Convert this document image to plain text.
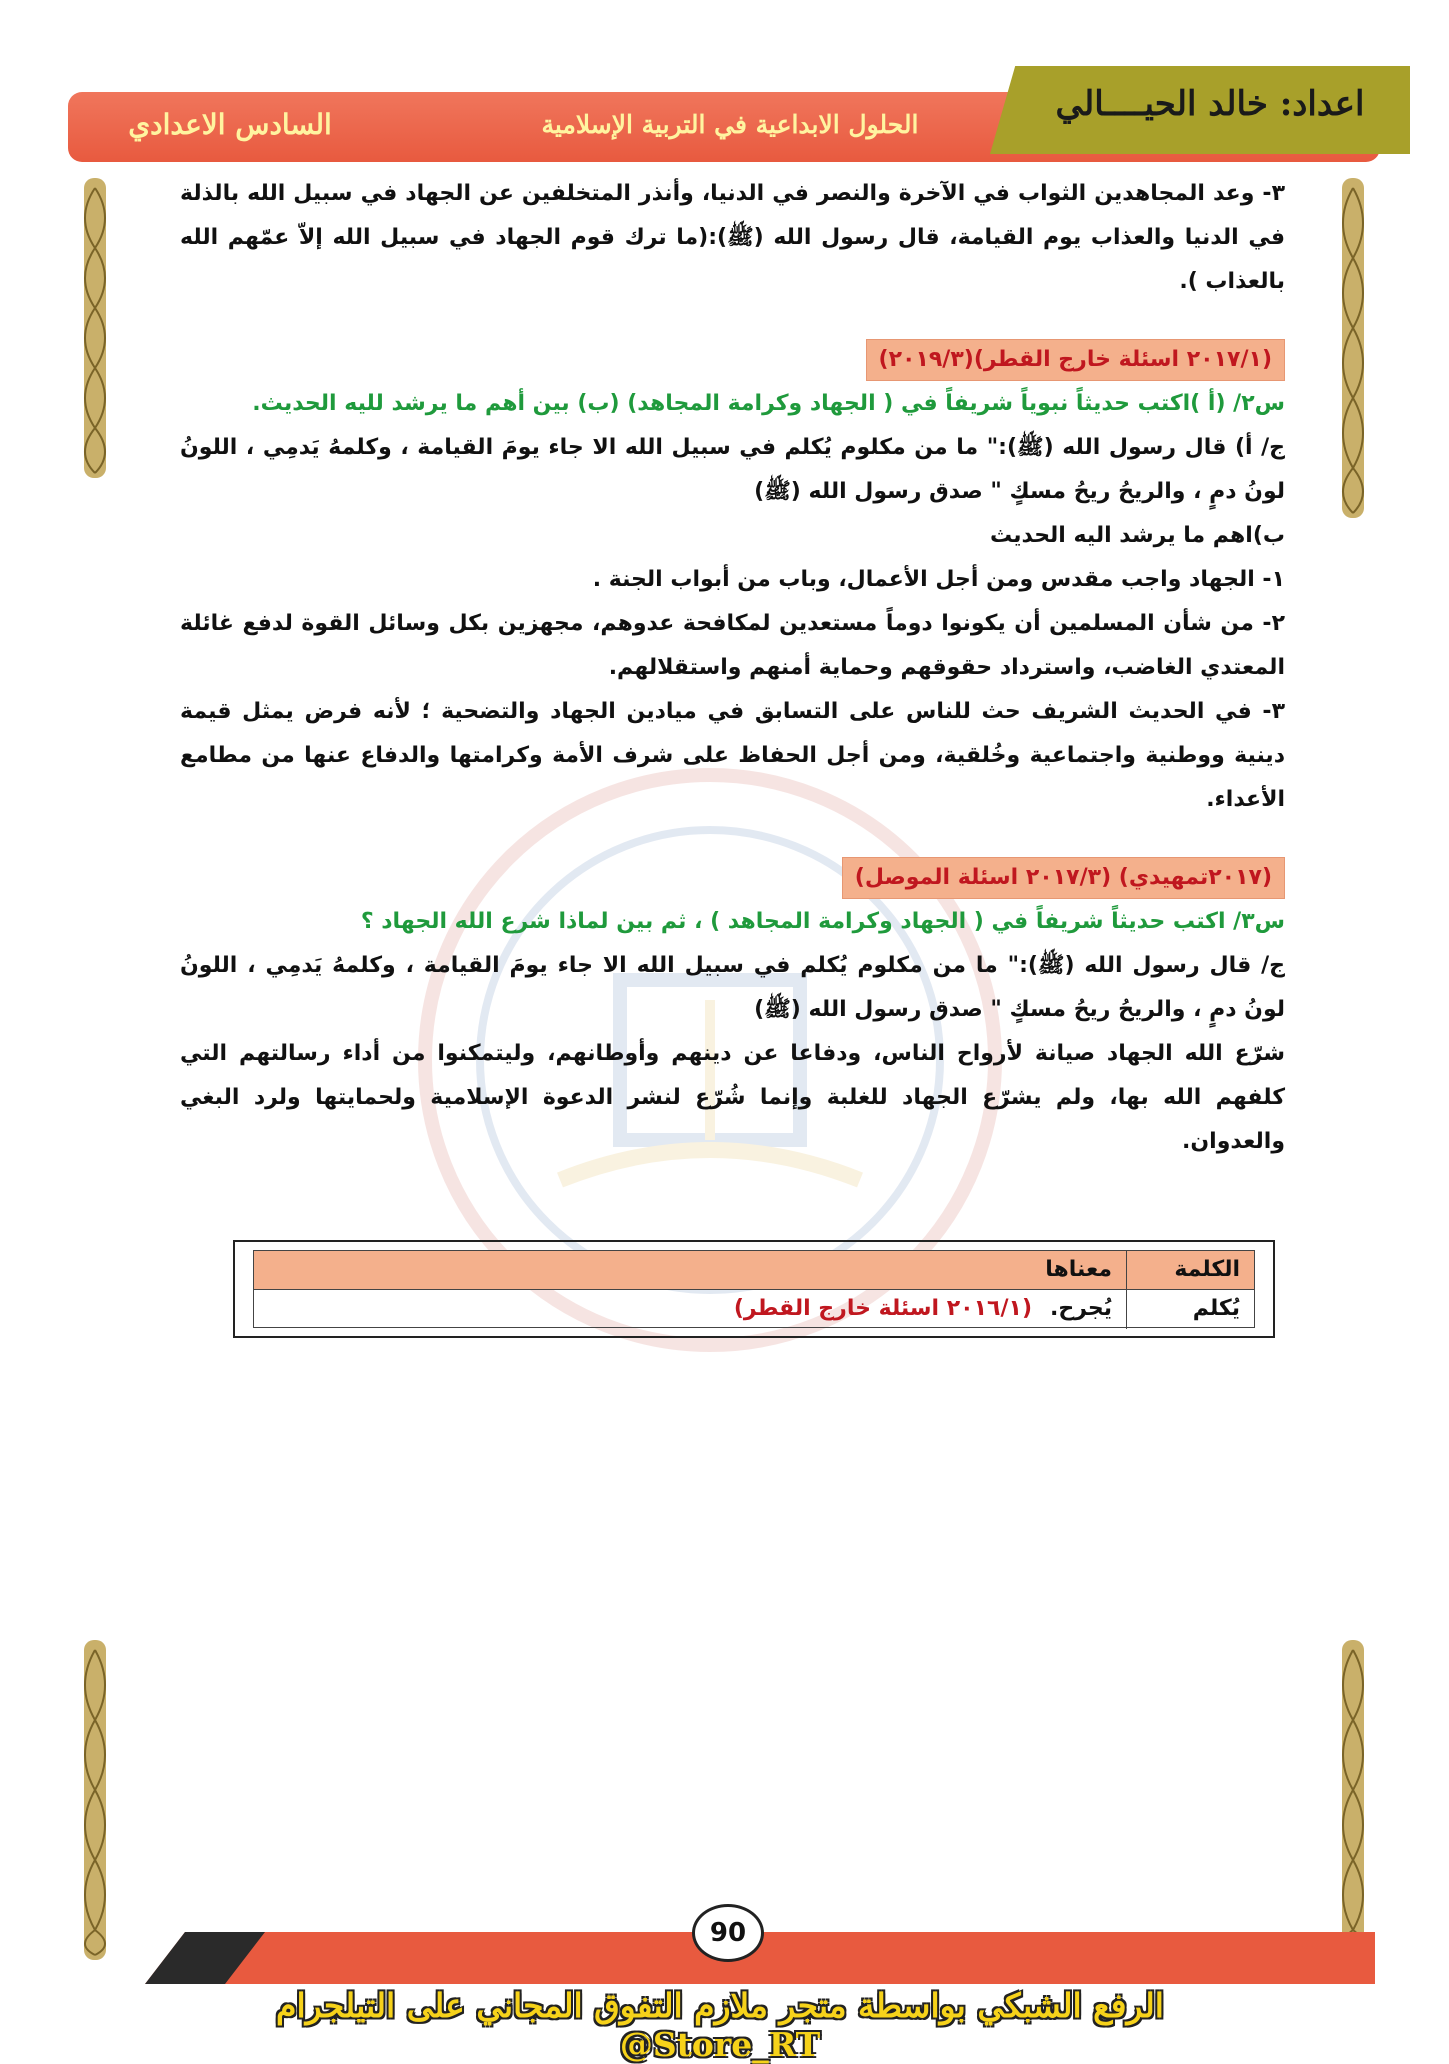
اعداد: خالد الحيــــالي
الحلول الابداعية في التربية الإسلامية
السادس الاعدادي

٣- وعد المجاهدين الثواب في الآخرة والنصر في الدنيا، وأنذر المتخلفين عن الجهاد في سبيل الله بالذلة في الدنيا والعذاب يوم القيامة، قال رسول الله (ﷺ):(ما ترك قوم الجهاد في سبيل الله إلاّ عمّهم الله بالعذاب ).

(٢٠١٧/١ اسئلة خارج القطر)(٢٠١٩/٣)

س٢/ (أ )اكتب حديثاً نبوياً شريفاً في ( الجهاد وكرامة المجاهد) (ب) بين أهم ما يرشد لليه الحديث.

ج/ أ) قال رسول الله (ﷺ):" ما من مكلوم يُكلم في سبيل الله الا جاء يومَ القيامة ، وكلمهُ يَدمِي ، اللونُ لونُ دمٍ ، والريحُ ريحُ مسكٍ " صدق رسول الله (ﷺ)

ب)اهم ما يرشد اليه الحديث

١- الجهاد واجب مقدس ومن أجل الأعمال، وباب من أبواب الجنة .

٢- من شأن المسلمين أن يكونوا دوماً مستعدين لمكافحة عدوهم، مجهزين بكل وسائل القوة لدفع غائلة المعتدي الغاضب، واسترداد حقوقهم وحماية أمنهم واستقلالهم.

٣- في الحديث الشريف حث للناس على التسابق في ميادين الجهاد والتضحية ؛ لأنه فرض يمثل قيمة دينية ووطنية واجتماعية وخُلقية، ومن أجل الحفاظ على شرف الأمة وكرامتها والدفاع عنها من مطامع الأعداء.

(٢٠١٧تمهيدي) (٢٠١٧/٣ اسئلة الموصل)

س٣/ اكتب حديثاً شريفاً في ( الجهاد وكرامة المجاهد ) ، ثم بين لماذا شرع الله الجهاد ؟

ج/ قال رسول الله (ﷺ):" ما من مكلوم يُكلم في سبيل الله الا جاء يومَ القيامة ، وكلمهُ يَدمِي ، اللونُ لونُ دمٍ ، والريحُ ريحُ مسكٍ " صدق رسول الله (ﷺ)

شرّع الله الجهاد صيانة لأرواح الناس، ودفاعا عن دينهم وأوطانهم، وليتمكنوا من أداء رسالتهم التي كلفهم الله بها، ولم يشرّع الجهاد للغلبة وإنما شُرّع لنشر الدعوة الإسلامية ولحمايتها ولرد البغي والعدوان.

الكلمة
معناها
يُكلم
يُجرح.
(٢٠١٦/١ اسئلة خارج القطر)
90
الرفع الشبكي بواسطة متجر ملازم التفوق المجاني على التيلجرام @Store_RT
